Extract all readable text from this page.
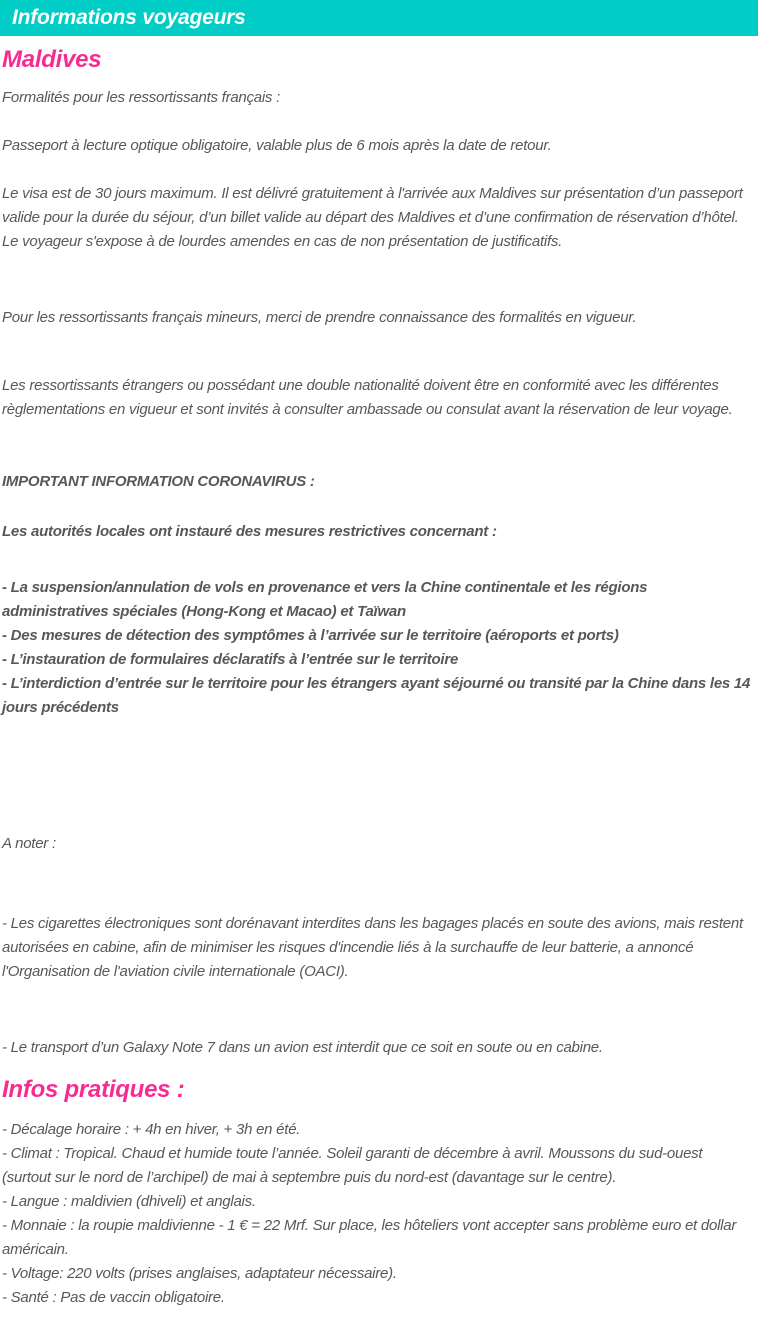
Informations voyageurs
Maldives

Formalités pour les ressortissants français :

Passeport à lecture optique obligatoire, valable plus de 6 mois après la date de retour.

Le visa est de 30 jours maximum. Il est délivré gratuitement à l'arrivée aux Maldives sur présentation d’un passeport valide pour la durée du séjour, d’un billet valide au départ des Maldives et d’une confirmation de réservation d’hôtel.
Le voyageur s'expose à de lourdes amendes en cas de non présentation de justificatifs.

Pour les ressortissants français mineurs, merci de prendre connaissance des formalités en vigueur.

Les ressortissants étrangers ou possédant une double nationalité doivent être en conformité avec les différentes règlementations en vigueur et sont invités à consulter ambassade ou consulat avant la réservation de leur voyage.

IMPORTANT INFORMATION CORONAVIRUS :

Les autorités locales ont instauré des mesures restrictives concernant :

- La suspension/annulation de vols en provenance et vers la Chine continentale et les régions administratives spéciales (Hong-Kong et Macao) et Taïwan
- Des mesures de détection des symptômes à l’arrivée sur le territoire (aéroports et ports)
- L’instauration de formulaires déclaratifs à l’entrée sur le territoire
- L’interdiction d’entrée sur le territoire pour les étrangers ayant séjourné ou transité par la Chine dans les 14 jours précédents

A noter :

- Les cigarettes électroniques sont dorénavant interdites dans les bagages placés en soute des avions, mais restent autorisées en cabine, afin de minimiser les risques d'incendie liés à la surchauffe de leur batterie, a annoncé l'Organisation de l'aviation civile internationale (OACI).

- Le transport d’un Galaxy Note 7 dans un avion est interdit que ce soit en soute ou en cabine.

Infos pratiques :

- Décalage horaire : + 4h en hiver, + 3h en été.
- Climat : Tropical. Chaud et humide toute l’année. Soleil garanti de décembre à avril. Moussons du sud-ouest (surtout sur le nord de l’archipel) de mai à septembre puis du nord-est (davantage sur le centre).
- Langue : maldivien (dhiveli) et anglais.
- Monnaie : la roupie maldivienne - 1 € = 22 Mrf. Sur place, les hôteliers vont accepter sans problème euro et dollar américain.
- Voltage: 220 volts (prises anglaises, adaptateur nécessaire).
- Santé : Pas de vaccin obligatoire.
